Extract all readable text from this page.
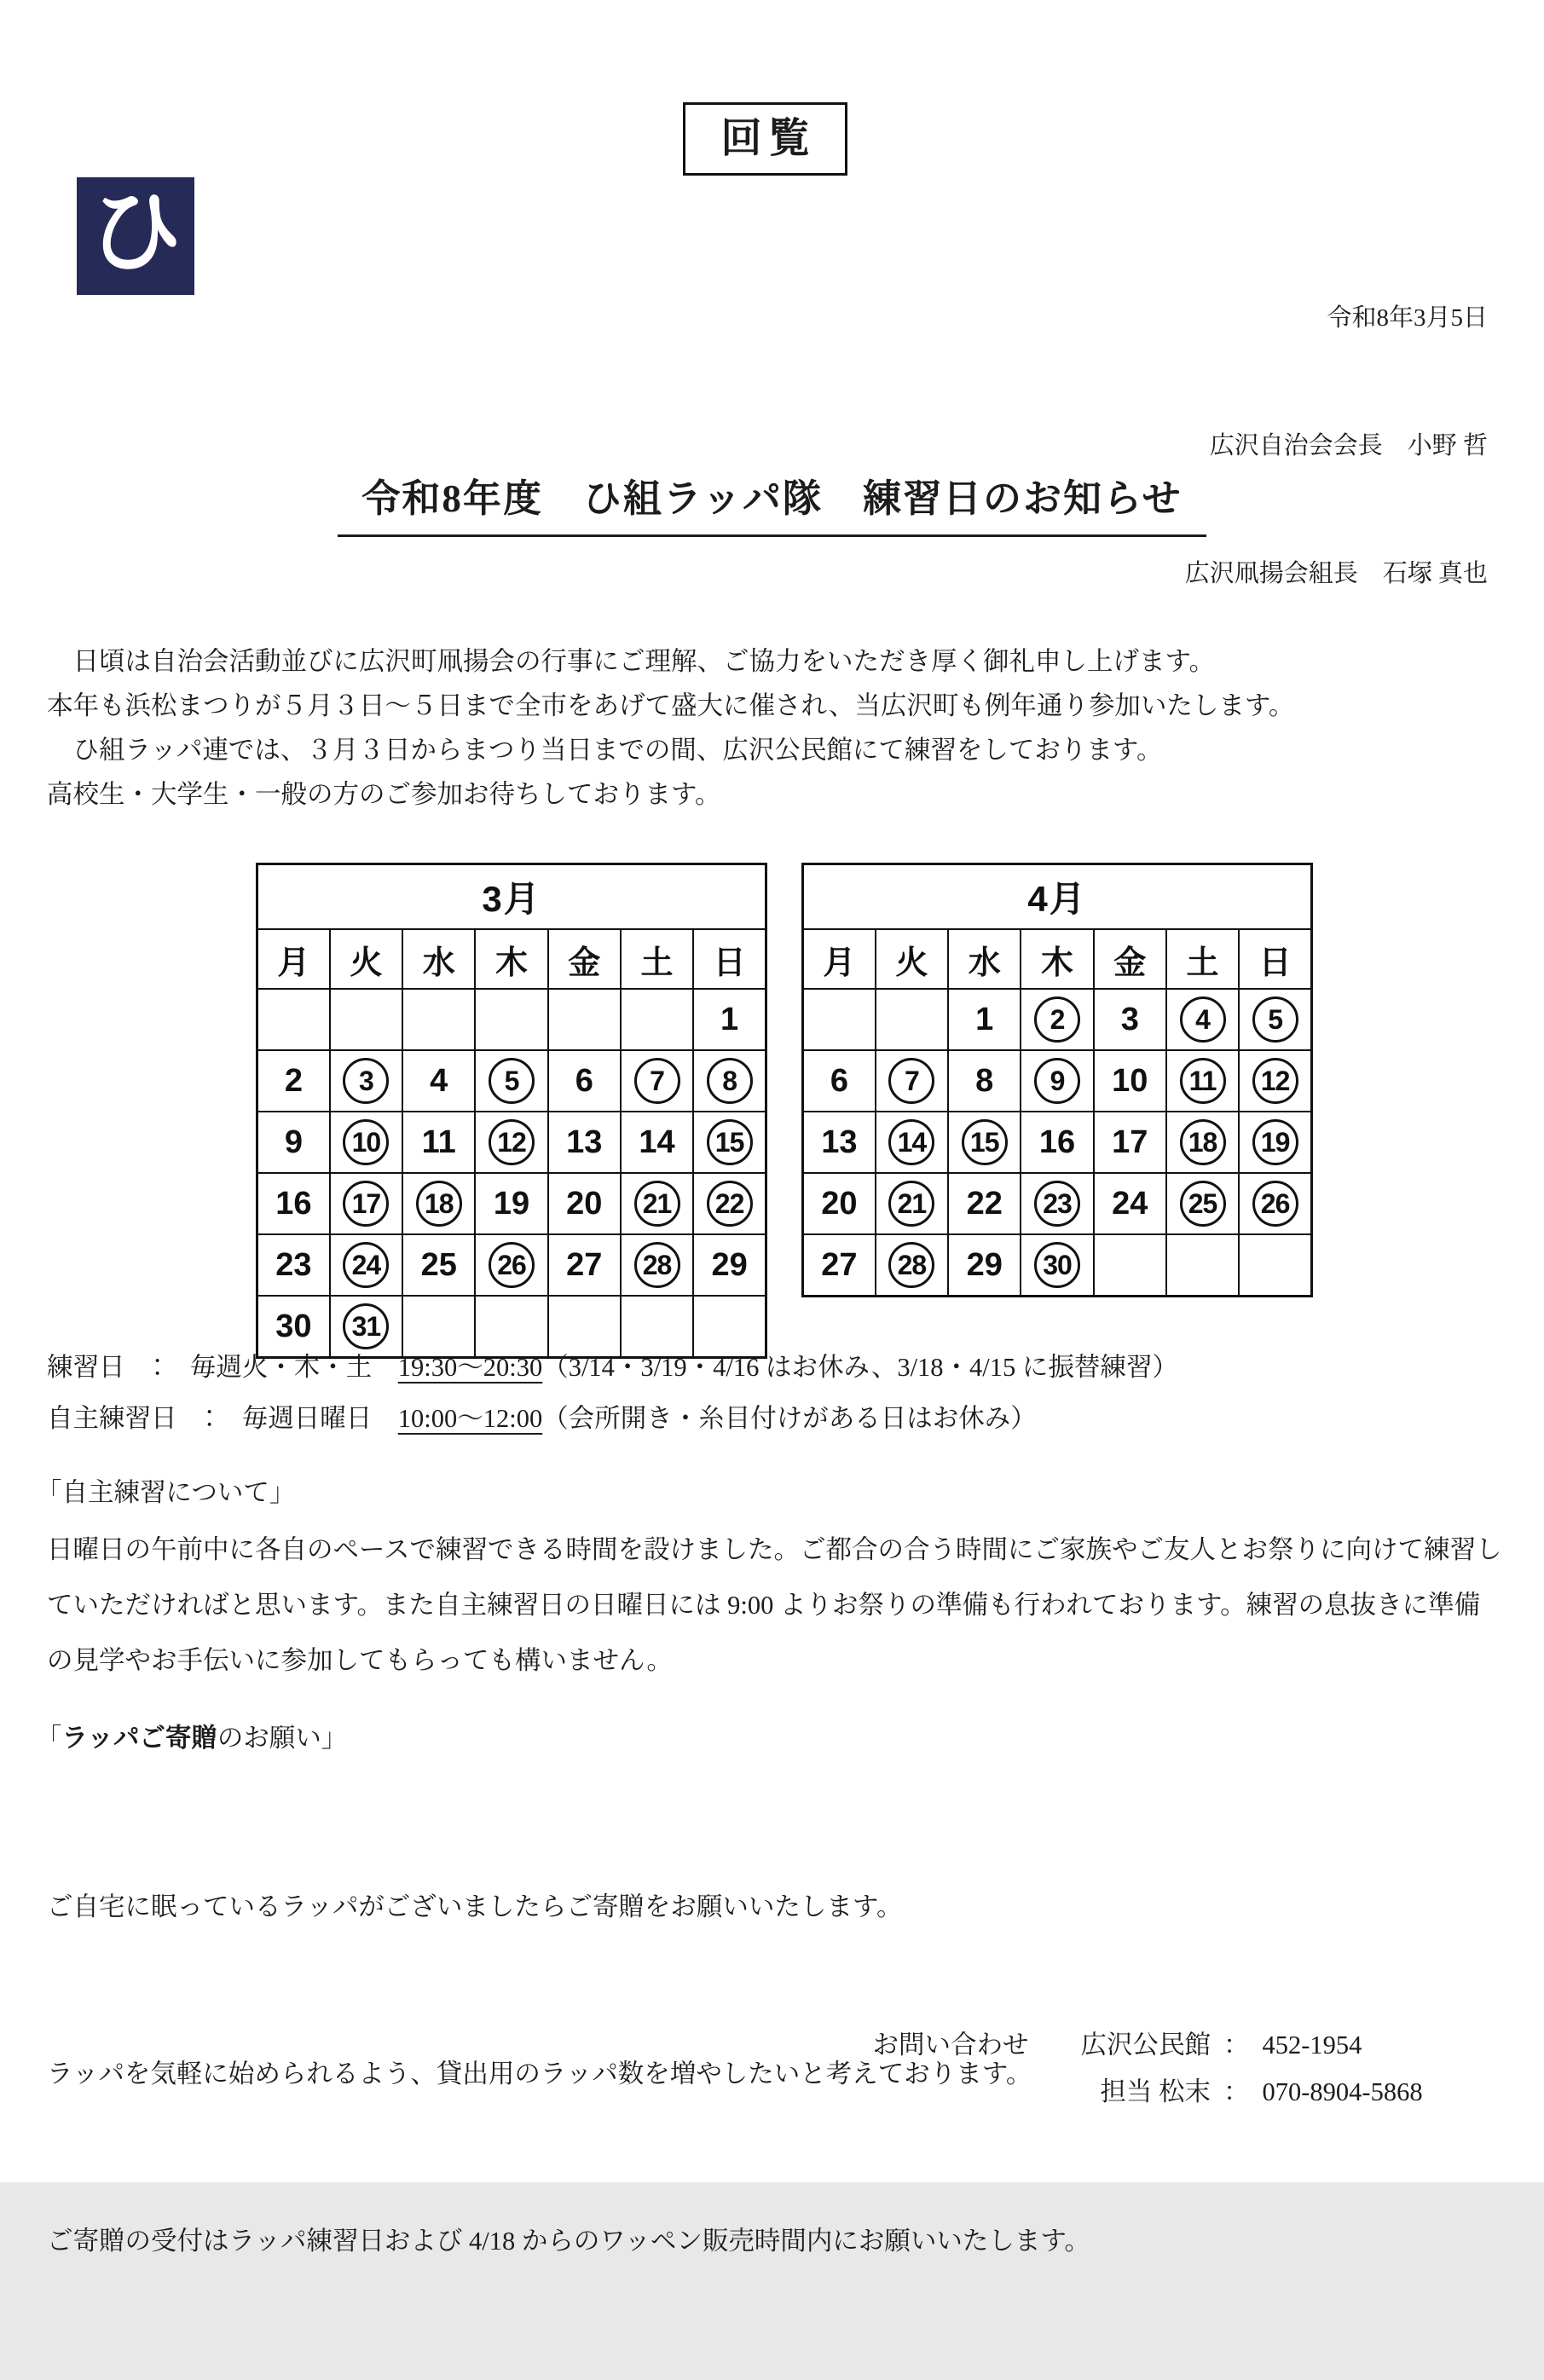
回覧
ひ

令和8年3月5日

広沢自治会会長　小野 哲

広沢凧揚会組長　石塚 真也

令和8年度　ひ組ラッパ隊　練習日のお知らせ
　日頃は自治会活動並びに広沢町凧揚会の行事にご理解、ご協力をいただき厚く御礼申し上げます。
本年も浜松まつりが５月３日～５日まで全市をあげて盛大に催され、当広沢町も例年通り参加いたします。
　ひ組ラッパ連では、３月３日からまつり当日までの間、広沢公民館にて練習をしております。
高校生・大学生・一般の方のご参加お待ちしております。
3月						
月	火	水	木	金	土	日
						1
2	3	4	5	6	7	8
9	10	11	12	13	14	15
16	17	18	19	20	21	22
23	24	25	26	27	28	29
30	31					
4月						
月	火	水	木	金	土	日
		1	2	3	4	5
6	7	8	9	10	11	12
13	14	15	16	17	18	19
20	21	22	23	24	25	26
27	28	29	30			
練習日　：　毎週火・木・土　19:30～20:30（3/14・3/19・4/16 はお休み、3/18・4/15 に振替練習）
自主練習日　：　毎週日曜日　10:00～12:00（会所開き・糸目付けがある日はお休み）
「自主練習について」
日曜日の午前中に各自のペースで練習できる時間を設けました。ご都合の合う時間にご家族やご友人とお祭りに向けて練習していただければと思います。また自主練習日の日曜日には 9:00 よりお祭りの準備も行われております。練習の息抜きに準備の見学やお手伝いに参加してもらっても構いません。
「ラッパご寄贈のお願い」

ご自宅に眠っているラッパがございましたらご寄贈をお願いいたします。

ラッパを気軽に始められるよう、貸出用のラッパ数を増やしたいと考えております。

ご寄贈の受付はラッパ練習日および 4/18 からのワッペン販売時間内にお願いいたします。

お問い合わせ　　広沢公民館 ： 452-1954
担当 松末 ： 070-8904-5868
